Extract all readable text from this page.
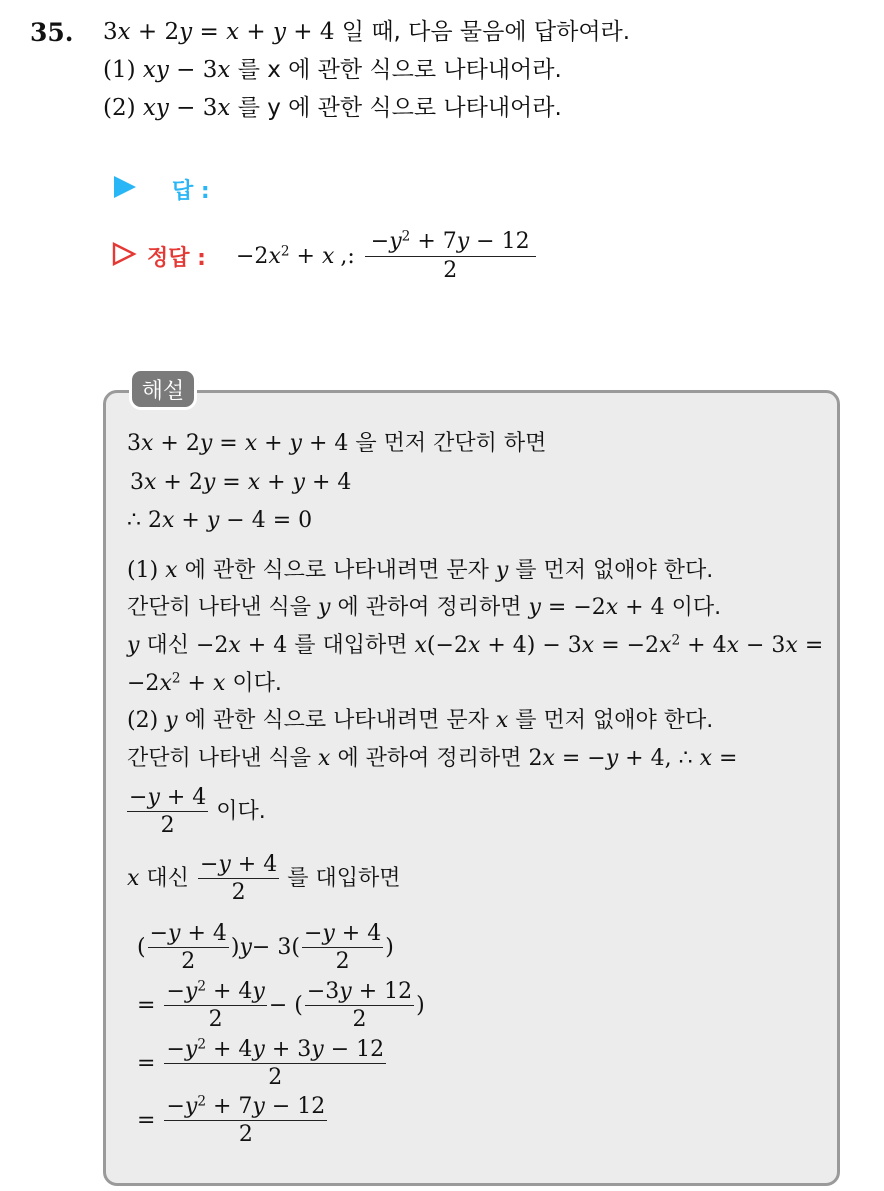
35. 3x + 2y = x + y + 4 일 때, 다음 물음에 답하여라.
(1) xy − 3x 를 x 에 관한 식으로 나타내어라.
(2) xy − 3x 를 y 에 관한 식으로 나타내어라.
답 :
정답 : $-2x^2 + x$ ,: $\frac{-y^2 + 7y - 12}{2}$
해설
3x + 2y = x + y + 4 을 먼저 간단히 하면
3x + 2y = x + y + 4
∴ 2x + y − 4 = 0
(1) x 에 관한 식으로 나타내려면 문자 y 를 먼저 없애야 한다.
간단히 나타낸 식을 y 에 관하여 정리하면 y = −2x + 4 이다.
y 대신 −2x + 4 를 대입하면 $x(-2x + 4) - 3x = -2x^2 + 4x - 3x$ =
$-2x^2 + x$ 이다.
(2) y 에 관한 식으로 나타내려면 문자 x 를 먼저 없애야 한다.
간단히 나타낸 식을 x 에 관하여 정리하면 2x = −y + 4, ∴ x =
$\frac{-y + 4}{2}$ 이다.
x
대신
$\frac{-y + 4}{2}$ 를 대입하면
( $\frac{-y + 4}{2}$ ) $y - 3( \frac{-y + 4}{2}$ )
= $\frac{-y^2 + 4y}{2}$ − ( $\frac{-3y + 12}{2}$ )
= $\frac{-y^2 + 4y + 3y - 12}{2}$
= $\frac{-y^2 + 7y - 12}{2}$
